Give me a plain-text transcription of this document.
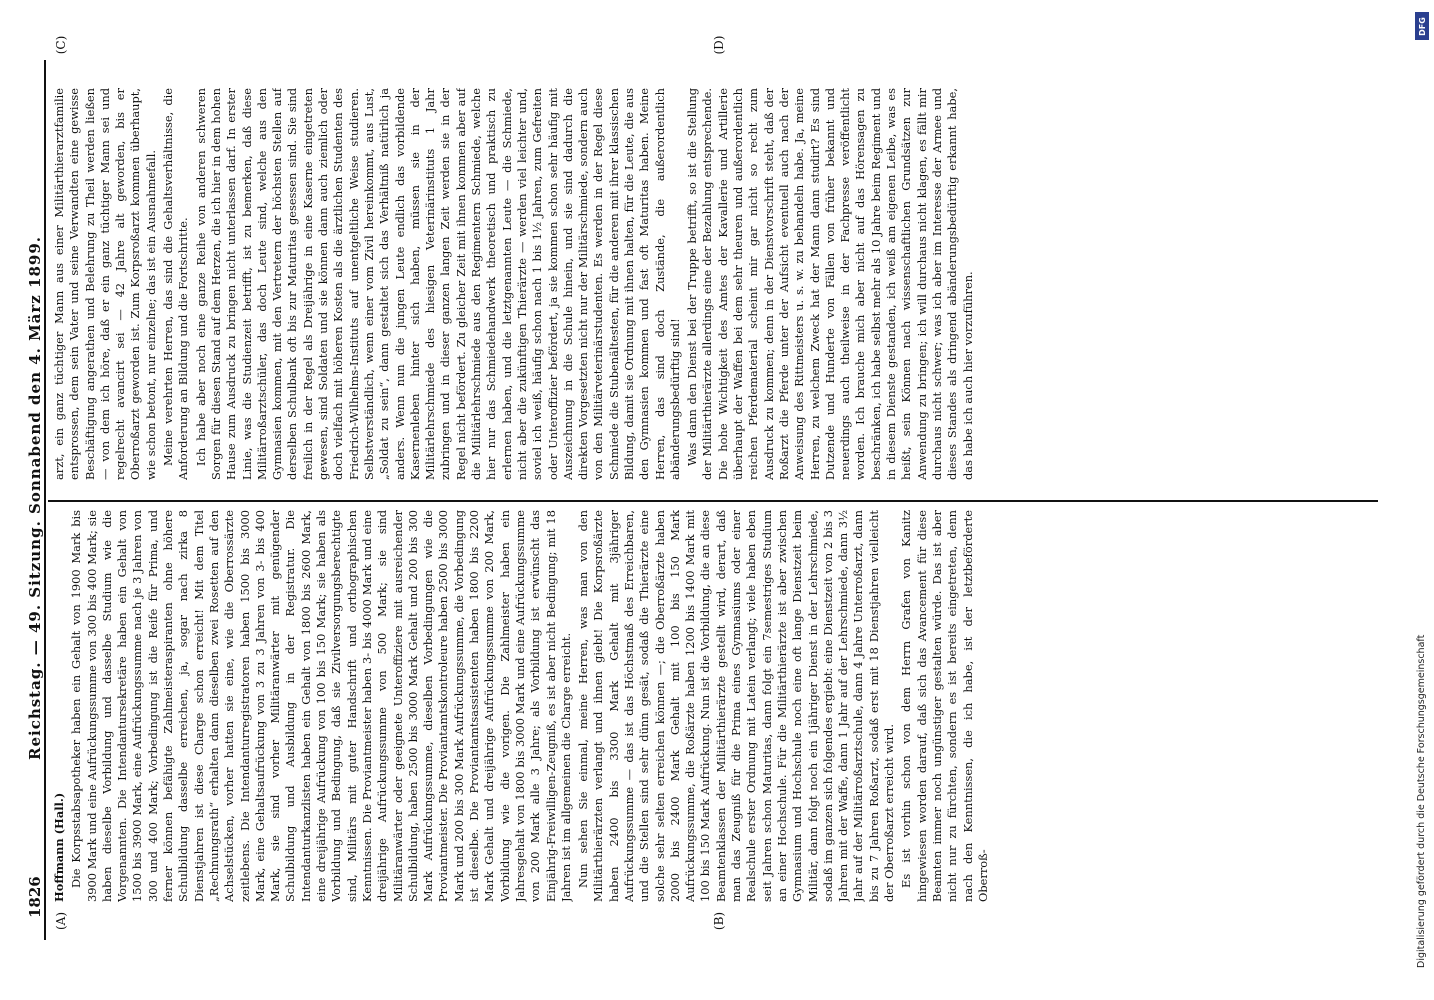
1826
Reichstag. — 49. Sitzung. Sonnabend den 4. März 1899.
(A)	(B)
(C)	(D)

Hoffmann (Hall.) Die Korpsstabsapotheker haben ein Gehalt von 1900 Mark bis 3900 Mark und eine Aufrückungssumme von 300 bis 400 Mark; sie haben dieselbe Vorbildung und dasselbe Studium wie die Vorgenannten. Die Intendantursekretäre haben ein Gehalt von 1500 bis 3900 Mark, eine Aufrückungssumme nach je 3 Jahren von 300 und 400 Mark; Vorbedingung ist die Reife für Prima, und ferner können befähigte Zahlmeisteraspiranten ohne höhere Schulbildung dasselbe erreichen, ja, sogar nach zirka 8 Dienstjahren ist diese Charge schon erreicht! Mit dem Titel „Rechnungsrath“ erhalten dann dieselben zwei Rosetten auf den Achselstücken, vorher hatten sie eine, wie die Oberrossärzte zeitlebens. Die Intendanturregistratoren haben 1500 bis 3000 Mark, eine Gehaltsaufrückung von 3 zu 3 Jahren von 3- bis 400 Mark, sie sind vorher Militäranwärter mit genügender Schulbildung und Ausbildung in der Registratur. Die Intendanturkanzlisten haben ein Gehalt von 1800 bis 2600 Mark, eine dreijährige Aufrückung von 100 bis 150 Mark; sie haben als Vorbildung und Bedingung, daß sie Zivilversorgungsberechtigte sind, Militärs mit guter Handschrift und orthographischen Kenntnissen. Die Proviantmeister haben 3- bis 4000 Mark und eine dreijährige Aufrückungssumme von 500 Mark; sie sind Militäranwärter oder geeignete Unteroffiziere mit ausreichender Schulbildung, haben 2500 bis 3000 Mark Gehalt und 200 bis 300 Mark Aufrückungssumme, dieselben Vorbedingungen wie die Proviantmeister. Die Proviantamtskontroleure haben 2500 bis 3000 Mark und 200 bis 300 Mark Aufrückungssumme, die Vorbedingung ist dieselbe. Die Proviantamtsassistenten haben 1800 bis 2200 Mark Gehalt und dreijährige Aufrückungssumme von 200 Mark, Vorbildung wie die vorigen. Die Zahlmeister haben ein Jahresgehalt von 1800 bis 3000 Mark und eine Aufrückungssumme von 200 Mark alle 3 Jahre; als Vorbildung ist erwünscht das Einjährig-Freiwilligen-Zeugniß, es ist aber nicht Bedingung; mit 18 Jahren ist im allgemeinen die Charge erreicht. Nun sehen Sie einmal, meine Herren, was man von den Militärthierärzten verlangt und ihnen giebt! Die Korpsroßärzte haben 2400 bis 3300 Mark Gehalt mit 3jähriger Aufrückungssumme — das ist das Höchstmaß des Erreichbaren, und die Stellen sind sehr dünn gesät, sodaß die Thierärzte eine solche sehr selten erreichen können —; die Oberroßärzte haben 2000 bis 2400 Mark Gehalt mit 100 bis 150 Mark Aufrückungssumme, die Roßärzte haben 1200 bis 1400 Mark mit 100 bis 150 Mark Aufrückung. Nun ist die Vorbildung, die an diese Beamtenklassen der Militärthierärzte gestellt wird, derart, daß man das Zeugniß für die Prima eines Gymnasiums oder einer Realschule erster Ordnung mit Latein verlangt; viele haben eben seit Jahren schon Maturitas, dann folgt ein 7semestriges Studium an einer Hochschule. Für die Militärthierärzte ist aber zwischen Gymnasium und Hochschule noch eine oft lange Dienstzeit beim Militär, dann folgt noch ein 1jähriger Dienst in der Lehrschmiede, sodaß im ganzen sich folgendes ergiebt: eine Dienstzeit von 2 bis 3 Jahren mit der Waffe, dann 1 Jahr auf der Lehrschmiede, dann 3½ Jahr auf der Militärroßarztschule, dann 4 Jahre Unterroßarzt, dann bis zu 7 Jahren Roßarzt, sodaß erst mit 18 Dienstjahren vielleicht der Oberroßarzt erreicht wird. Es ist vorhin schon von dem Herrn Grafen von Kanitz hingewiesen worden darauf, daß sich das Avancement für diese Beamten immer noch ungünstiger gestalten würde. Das ist aber nicht nur zu fürchten, sondern es ist bereits eingetreten, denn nach den Kenntnissen, die ich habe, ist der letztbeförderte Oberroß-

arzt, ein ganz tüchtiger Mann aus einer Militärthierarztfamilie entsprossen, dem sein Vater und seine Verwandten eine gewisse Beschäftigung angerathen und Belehrung zu Theil werden ließen — von dem ich höre, daß er ein ganz tüchtiger Mann sei und regelrecht avancirt sei — 42 Jahre alt geworden, bis er Oberroßarzt geworden ist. Zum Korpsroßarzt kommen überhaupt, wie schon betont, nur einzelne; das ist ein Ausnahmefall. Meine verehrten Herren, das sind die Gehaltsverhältnisse, die Anforderung an Bildung und die Fortschritte. Ich habe aber noch eine ganze Reihe von anderen schweren Sorgen für diesen Stand auf dem Herzen, die ich hier in dem hohen Hause zum Ausdruck zu bringen nicht unterlassen darf. In erster Linie, was die Studienzeit betrifft, ist zu bemerken, daß diese Militärroßarztschüler, das doch Leute sind, welche aus den Gymnasien kommen, mit den Vertretern der höchsten Stellen auf derselben Schulbank oft bis zur Maturitas gesessen sind. Sie sind freilich in der Regel als Dreijährige in eine Kaserne eingetreten gewesen, sind Soldaten und sie können dann auch ziemlich oder doch vielfach mit höheren Kosten als die ärztlichen Studenten des Friedrich-Wilhelms-Instituts auf unentgeltliche Weise studieren. Selbstverständlich, wenn einer vom Zivil hereinkommt, aus Lust, „Soldat zu sein“, dann gestaltet sich das Verhältniß natürlich ja anders. Wenn nun die jungen Leute endlich das vorbildende Kasernenleben hinter sich haben, müssen sie in der Militärlehrschmiede des hiesigen Veterinärinstituts 1 Jahr zubringen und in dieser ganzen langen Zeit werden sie in der Regel nicht befördert. Zu gleicher Zeit mit ihnen kommen aber auf die Militärlehrschmiede aus den Regimentern Schmiede, welche hier nur das Schmiedehandwerk theoretisch und praktisch zu erlernen haben, und die letztgenannten Leute — die Schmiede, nicht aber die zukünftigen Thierärzte — werden viel leichter und, soviel ich weiß, häufig schon nach 1 bis 1½ Jahren, zum Gefreiten oder Unteroffizier befördert, ja sie kommen schon sehr häufig mit Auszeichnung in die Schule hinein, und sie sind dadurch die direkten Vorgesetzten nicht nur der Militärschmiede, sondern auch von den Militärveterinärstudenten. Es werden in der Regel diese Schmiede die Stubenältesten, für die anderen mit ihrer klassischen Bildung, damit sie Ordnung mit ihnen halten, für die Leute, die aus den Gymnasien kommen und fast oft Maturitas haben. Meine Herren, das sind doch Zustände, die außerordentlich abänderungsbedürftig sind! Was dann den Dienst bei der Truppe betrifft, so ist die Stellung der Militärthierärzte allerdings eine der Bezahlung entsprechende. Die hohe Wichtigkeit des Amtes der Kavallerie und Artillerie überhaupt der Waffen bei dem sehr theuren und außerordentlich reichen Pferdematerial scheint mir gar nicht so recht zum Ausdruck zu kommen; denn in der Dienstvorschrift steht, daß der Roßarzt die Pferde unter der Aufsicht eventuell auch nach der Anweisung des Rittmeisters u. s. w. zu behandeln habe. Ja, meine Herren, zu welchem Zweck hat der Mann dann studirt? Es sind Dutzende und Hunderte von Fällen von früher bekannt und neuerdings auch theilweise in der Fachpresse veröffentlicht worden. Ich brauche mich aber nicht auf das Hörensagen zu beschränken, ich habe selbst mehr als 10 Jahre beim Regiment und in diesem Dienste gestanden, ich weiß am eigenen Leibe, was es heißt, sein Können nach wissenschaftlichen Grundsätzen zur Anwendung zu bringen; ich will durchaus nicht klagen, es fällt mir durchaus nicht schwer; was ich aber im Interesse der Armee und dieses Standes als dringend abänderungsbedürftig erkannt habe, das habe ich auch hier vorzuführen.

DFG
Digitalisierung gefördert durch die Deutsche Forschungsgemeinschaft
